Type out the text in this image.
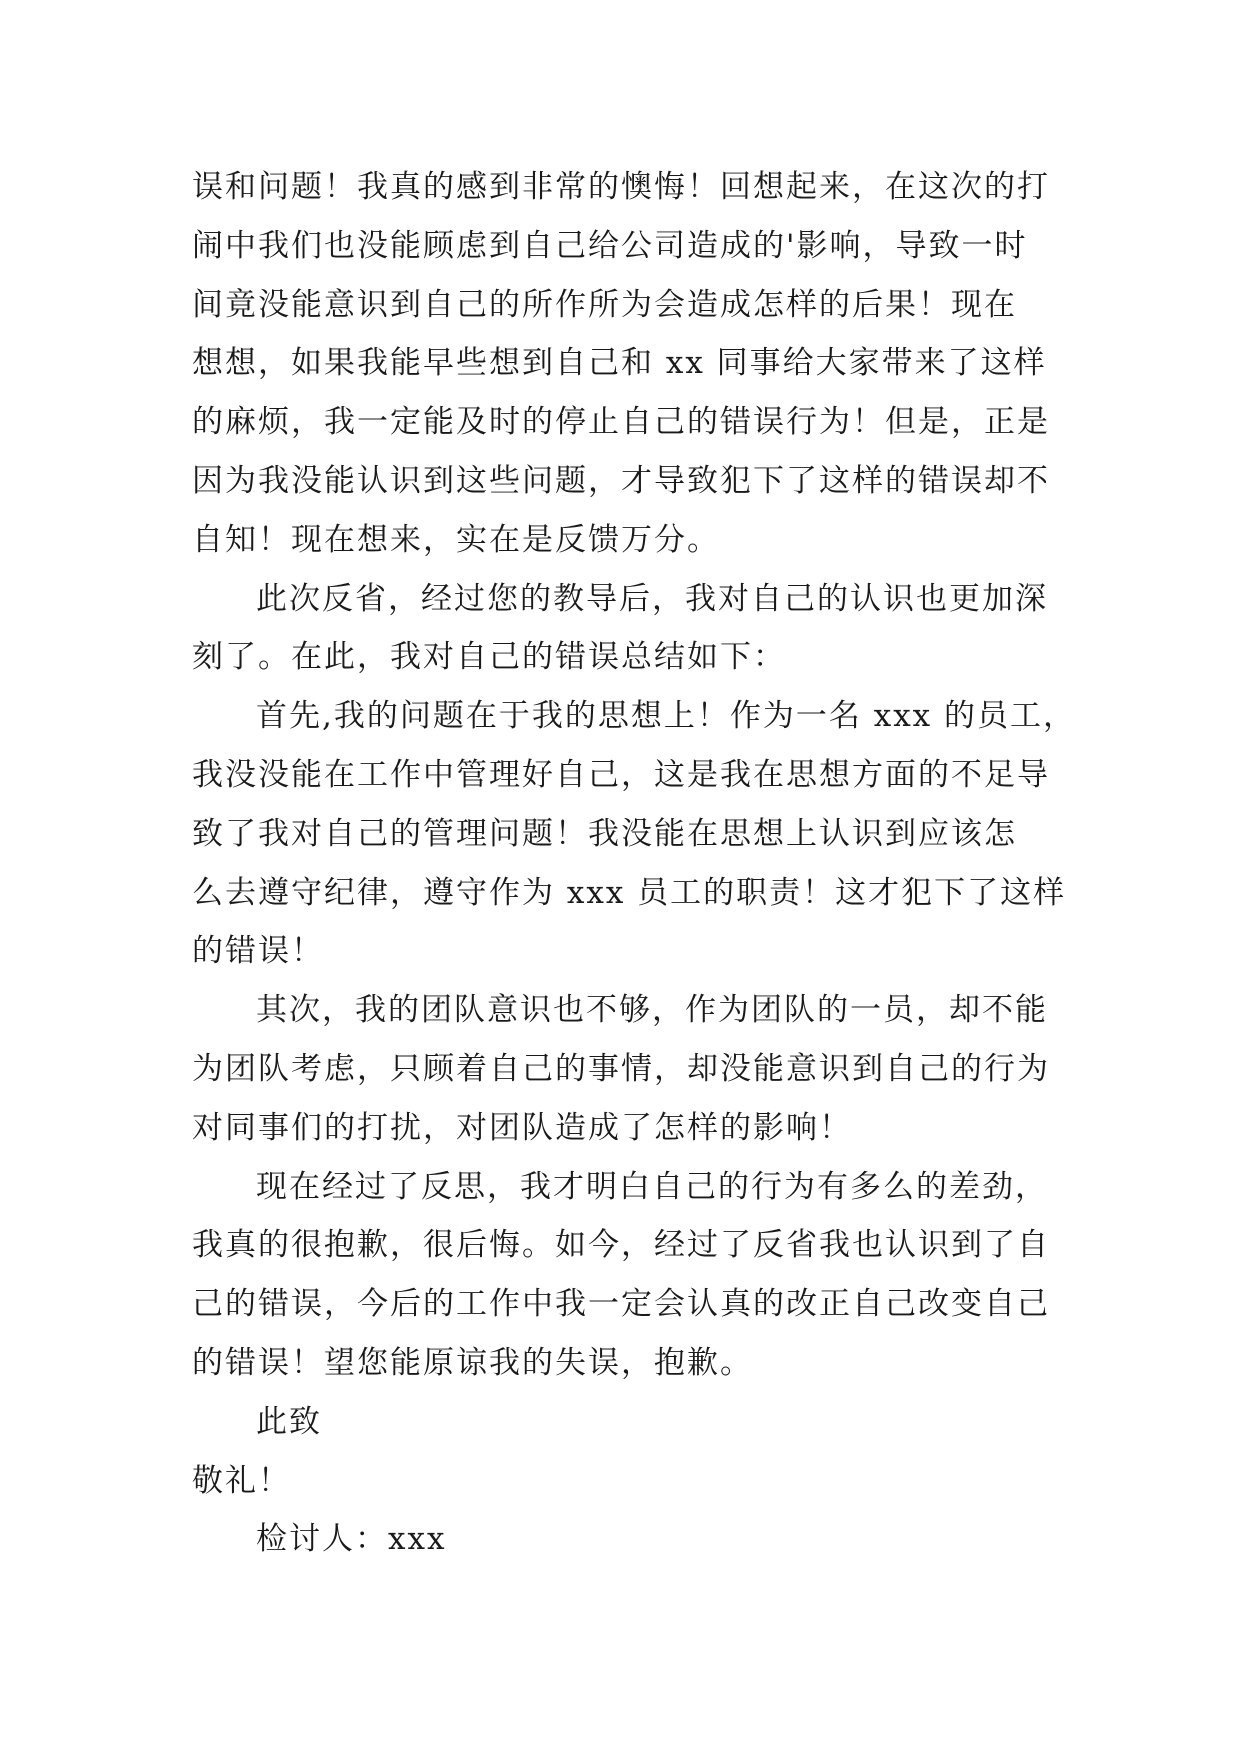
误和问题！我真的感到非常的懊悔！回想起来，在这次的打
闹中我们也没能顾虑到自己给公司造成的'影响，导致一时
间竟没能意识到自己的所作所为会造成怎样的后果！现在
想想，如果我能早些想到自己和 xx 同事给大家带来了这样
的麻烦，我一定能及时的停止自己的错误行为！但是，正是
因为我没能认识到这些问题，才导致犯下了这样的错误却不
自知！现在想来，实在是反馈万分。
此次反省，经过您的教导后，我对自己的认识也更加深
刻了。在此，我对自己的错误总结如下：
首先,我的问题在于我的思想上！作为一名 xxx 的员工，
我没没能在工作中管理好自己，这是我在思想方面的不足导
致了我对自己的管理问题！我没能在思想上认识到应该怎
么去遵守纪律，遵守作为 xxx 员工的职责！这才犯下了这样
的错误！
其次，我的团队意识也不够，作为团队的一员，却不能
为团队考虑，只顾着自己的事情，却没能意识到自己的行为
对同事们的打扰，对团队造成了怎样的影响！
现在经过了反思，我才明白自己的行为有多么的差劲，
我真的很抱歉，很后悔。如今，经过了反省我也认识到了自
己的错误，今后的工作中我一定会认真的改正自己改变自己
的错误！望您能原谅我的失误，抱歉。
此致
敬礼！
检讨人：xxx
